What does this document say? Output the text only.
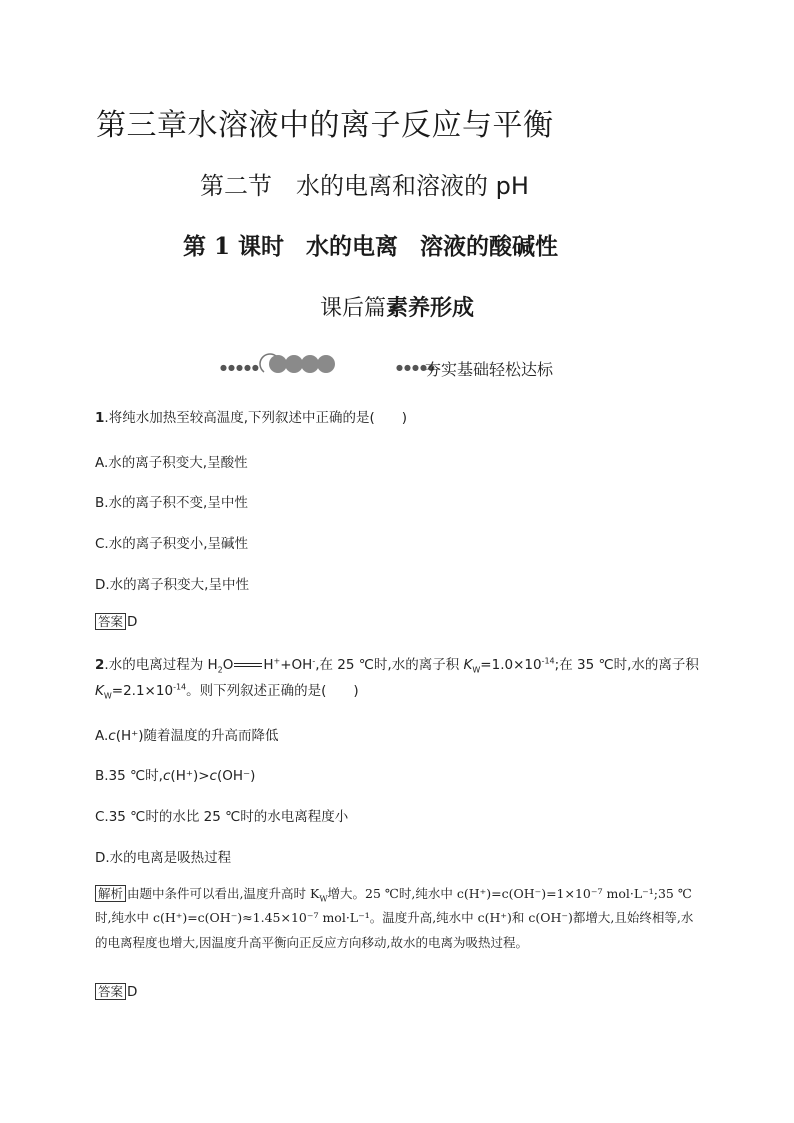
第三章水溶液中的离子反应与平衡
第二节 水的电离和溶液的 pH
第 1 课时 水的电离 溶液的酸碱性
课后篇素养形成
●●●●●	●●●●●
夯实基础轻松达标
1.将纯水加热至较高温度,下列叙述中正确的是(　　)
A.水的离子积变大,呈酸性
B.水的离子积不变,呈中性
C.水的离子积变小,呈碱性
D.水的离子积变大,呈中性
答案 D
2.水的电离过程为 $H_2O$ H++OH-,在 25 ℃时,水的离子积 $K_W=1.0\times 10^{-14}$;在 35 ℃时,水的离子积
$K_W=2.1\times 10^{-14}$。则下列叙述正确的是(　　)
A.c(H⁺)随着温度的升高而降低
B.35 ℃时,c(H⁺)>c(OH⁻)
C.35 ℃时的水比 25 ℃时的水电离程度小
D.水的电离是吸热过程
解析 由题中条件可以看出,温度升高时 $K_W$增大。25 ℃时,纯水中 c(H⁺)=c(OH⁻)=1×10⁻⁷ mol·L⁻¹;35 ℃
时,纯水中 c(H⁺)=c(OH⁻)≈1.45×10⁻⁷ mol·L⁻¹。温度升高,纯水中 c(H⁺)和 c(OH⁻)都增大,且始终相等,水
的电离程度也增大,因温度升高平衡向正反应方向移动,故水的电离为吸热过程。
答案 D
